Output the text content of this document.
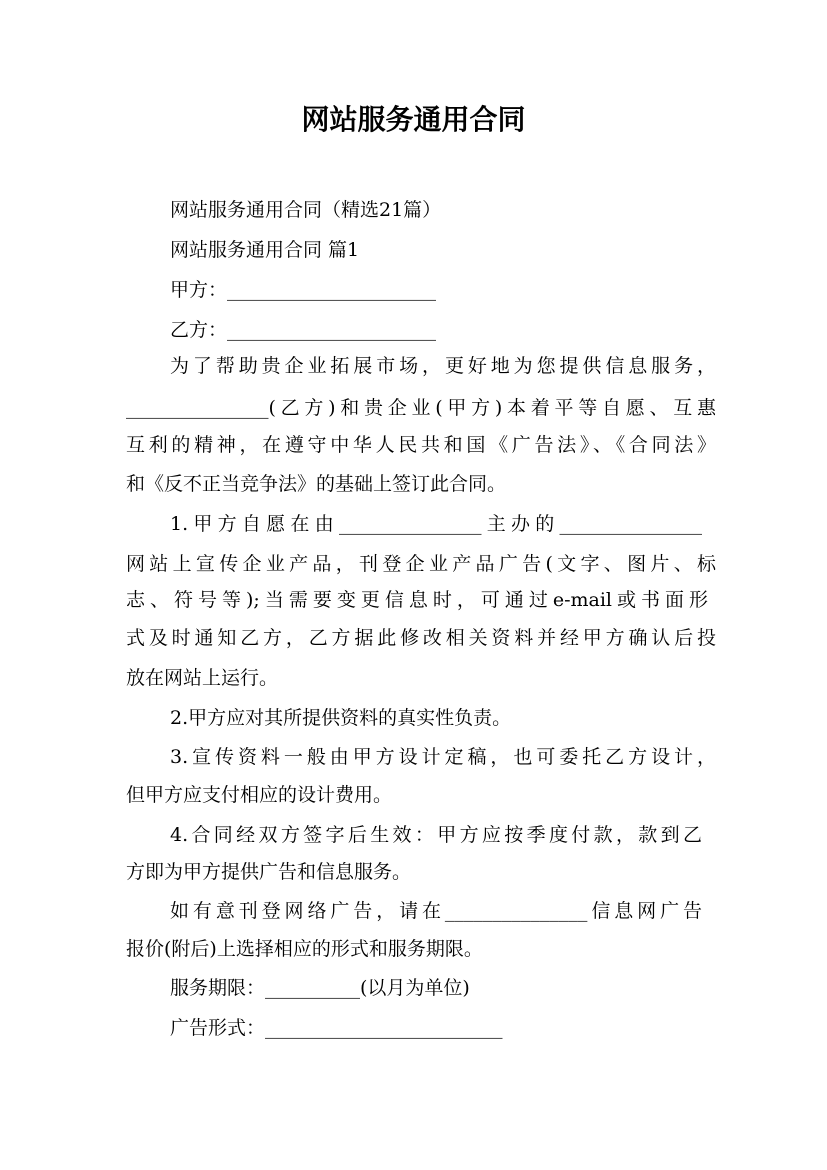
网站服务通用合同

网站服务通用合同（精选21篇）

网站服务通用合同 篇1

甲方：______________________

乙方：______________________

为了帮助贵企业拓展市场，更好地为您提供信息服务，

_______________(乙方)和贵企业(甲方)本着平等自愿、互惠

互利的精神，在遵守中华人民共和国《广告法》、《合同法》

和《反不正当竞争法》的基础上签订此合同。

1.甲方自愿在由_______________主办的_______________

网站上宣传企业产品，刊登企业产品广告(文字、图片、标

志、符号等);当需要变更信息时，可通过e-mail或书面形

式及时通知乙方，乙方据此修改相关资料并经甲方确认后投

放在网站上运行。

2.甲方应对其所提供资料的真实性负责。

3.宣传资料一般由甲方设计定稿，也可委托乙方设计，

但甲方应支付相应的设计费用。

4.合同经双方签字后生效：甲方应按季度付款，款到乙

方即为甲方提供广告和信息服务。

如有意刊登网络广告，请在_______________信息网广告

报价(附后)上选择相应的形式和服务期限。

服务期限：__________(以月为单位)

广告形式：_________________________
